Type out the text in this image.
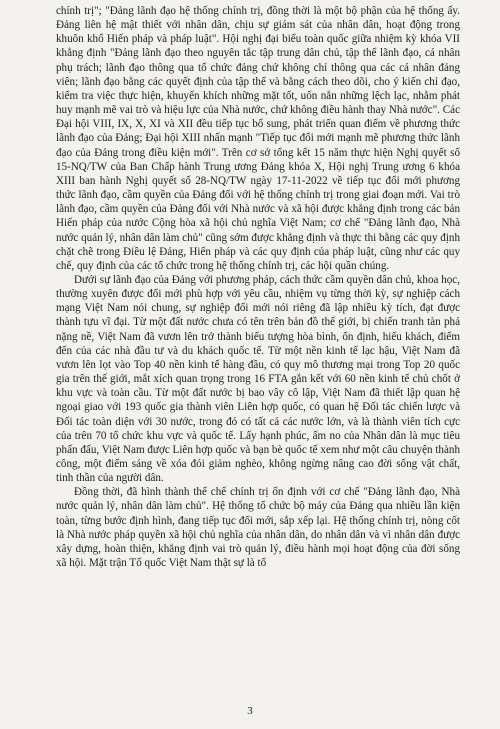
chính trị"; "Đảng lãnh đạo hệ thống chính trị, đồng thời là một bộ phận của hệ thống ấy. Đảng liên hệ mật thiết với nhân dân, chịu sự giám sát của nhân dân, hoạt động trong khuôn khổ Hiến pháp và pháp luật". Hội nghị đại biểu toàn quốc giữa nhiệm kỳ khóa VII khẳng định "Đảng lãnh đạo theo nguyên tắc tập trung dân chủ, tập thể lãnh đạo, cá nhân phụ trách; lãnh đạo thông qua tổ chức đảng chứ không chỉ thông qua các cá nhân đảng viên; lãnh đạo bằng các quyết định của tập thể và bằng cách theo dõi, cho ý kiến chỉ đạo, kiểm tra việc thực hiện, khuyến khích những mặt tốt, uốn nắn những lệch lạc, nhằm phát huy mạnh mẽ vai trò và hiệu lực của Nhà nước, chứ không điều hành thay Nhà nước". Các Đại hội VIII, IX, X, XI và XII đều tiếp tục bổ sung, phát triển quan điểm về phương thức lãnh đạo của Đảng; Đại hội XIII nhấn mạnh "Tiếp tục đổi mới mạnh mẽ phương thức lãnh đạo của Đảng trong điều kiện mới". Trên cơ sở tổng kết 15 năm thực hiện Nghị quyết số 15-NQ/TW của Ban Chấp hành Trung ương Đảng khóa X, Hội nghị Trung ương 6 khóa XIII ban hành Nghị quyết số 28-NQ/TW ngày 17-11-2022 về tiếp tục đổi mới phương thức lãnh đạo, cầm quyền của Đảng đối với hệ thống chính trị trong giai đoạn mới. Vai trò lãnh đạo, cầm quyền của Đảng đối với Nhà nước và xã hội được khẳng định trong các bản Hiến pháp của nước Cộng hòa xã hội chủ nghĩa Việt Nam; cơ chế "Đảng lãnh đạo, Nhà nước quản lý, nhân dân làm chủ" cũng sớm được khẳng định và thực thi bằng các quy định chặt chẽ trong Điều lệ Đảng, Hiến pháp và các quy định của pháp luật, cũng như các quy chế, quy định của các tổ chức trong hệ thống chính trị, các hội quần chúng.

Dưới sự lãnh đạo của Đảng với phương pháp, cách thức cầm quyền dân chủ, khoa học, thường xuyên được đổi mới phù hợp với yêu cầu, nhiệm vụ từng thời kỳ, sự nghiệp cách mạng Việt Nam nói chung, sự nghiệp đổi mới nói riêng đã lập nhiều kỳ tích, đạt được thành tựu vĩ đại. Từ một đất nước chưa có tên trên bản đồ thế giới, bị chiến tranh tàn phá nặng nề, Việt Nam đã vươn lên trở thành biểu tượng hòa bình, ổn định, hiếu khách, điểm đến của các nhà đầu tư và du khách quốc tế. Từ một nền kinh tế lạc hậu, Việt Nam đã vươn lên lọt vào Top 40 nền kinh tế hàng đầu, có quy mô thương mại trong Top 20 quốc gia trên thế giới, mắt xích quan trọng trong 16 FTA gắn kết với 60 nền kinh tế chủ chốt ở khu vực và toàn cầu. Từ một đất nước bị bao vây cô lập, Việt Nam đã thiết lập quan hệ ngoại giao với 193 quốc gia thành viên Liên hợp quốc, có quan hệ Đối tác chiến lược và Đối tác toàn diện với 30 nước, trong đó có tất cả các nước lớn, và là thành viên tích cực của trên 70 tổ chức khu vực và quốc tế. Lấy hạnh phúc, ấm no của Nhân dân là mục tiêu phấn đấu, Việt Nam được Liên hợp quốc và bạn bè quốc tế xem như một câu chuyện thành công, một điểm sáng về xóa đói giảm nghèo, không ngừng nâng cao đời sống vật chất, tinh thần của người dân.

Đồng thời, đã hình thành thể chế chính trị ổn định với cơ chế "Đảng lãnh đạo, Nhà nước quản lý, nhân dân làm chủ". Hệ thống tổ chức bộ máy của Đảng qua nhiều lần kiện toàn, từng bước định hình, đang tiếp tục đổi mới, sắp xếp lại. Hệ thống chính trị, nòng cốt là Nhà nước pháp quyền xã hội chủ nghĩa của nhân dân, do nhân dân và vì nhân dân được xây dựng, hoàn thiện, khẳng định vai trò quản lý, điều hành mọi hoạt động của đời sống xã hội. Mặt trận Tổ quốc Việt Nam thật sự là tổ

3
